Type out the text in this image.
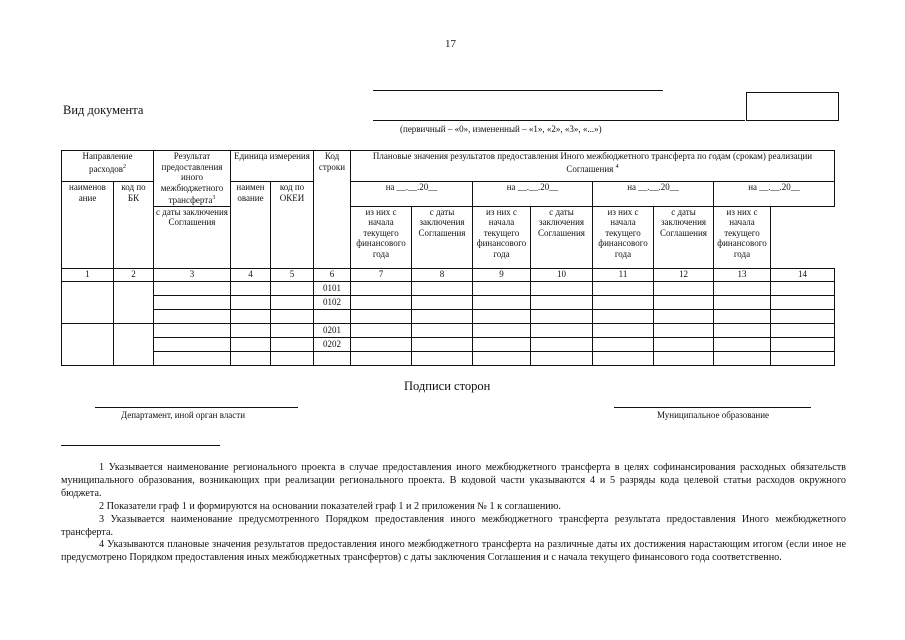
17
Вид документа
(первичный – «0», измененный – «1», «2», «3», «...»)
Направление расходов$^2$		Результат предоставления иного межбюджетного трансферта$^3$	Единица измерения		Код строки	Плановые значения результатов предоставления Иного межбюджетного трансферта по годам (срокам) реализации Соглашения $^4$
наименов ание	код по БК		наимен ование	код по ОКЕИ		на __.__.20__		на __.__.20__		на __.__.20__		на __.__.20__	
		с даты заключения Соглашения				из них с начала текущего финансового года	с даты заключения Соглашения	из них с начала текущего финансового года	с даты заключения Соглашения	из них с начала текущего финансового года	с даты заключения Соглашения	из них с начала текущего финансового года	
1	2	3	4	5	6	7	8	9	10	11	12	13	14
					0101								
					0102								

					0201								
					0202								

Подписи сторон
Департамент, иной орган власти	Муниципальное образование

1 Указывается наименование регионального проекта в случае предоставления иного межбюджетного трансферта в целях софинансирования расходных обязательств муниципального образования, возникающих при реализации регионального проекта. В кодовой части указываются 4 и 5 разряды кода целевой статьи расходов окружного бюджета.

2 Показатели граф 1 и формируются на основании показателей граф 1 и 2 приложения № 1 к соглашению.

3 Указывается наименование предусмотренного Порядком предоставления иного межбюджетного трансферта результата предоставления Иного межбюджетного трансферта.

4 Указываются плановые значения результатов предоставления иного межбюджетного трансферта на различные даты их достижения нарастающим итогом (если иное не предусмотрено Порядком предоставления иных межбюджетных трансфертов) с даты заключения Соглашения и с начала текущего финансового года соответственно.
